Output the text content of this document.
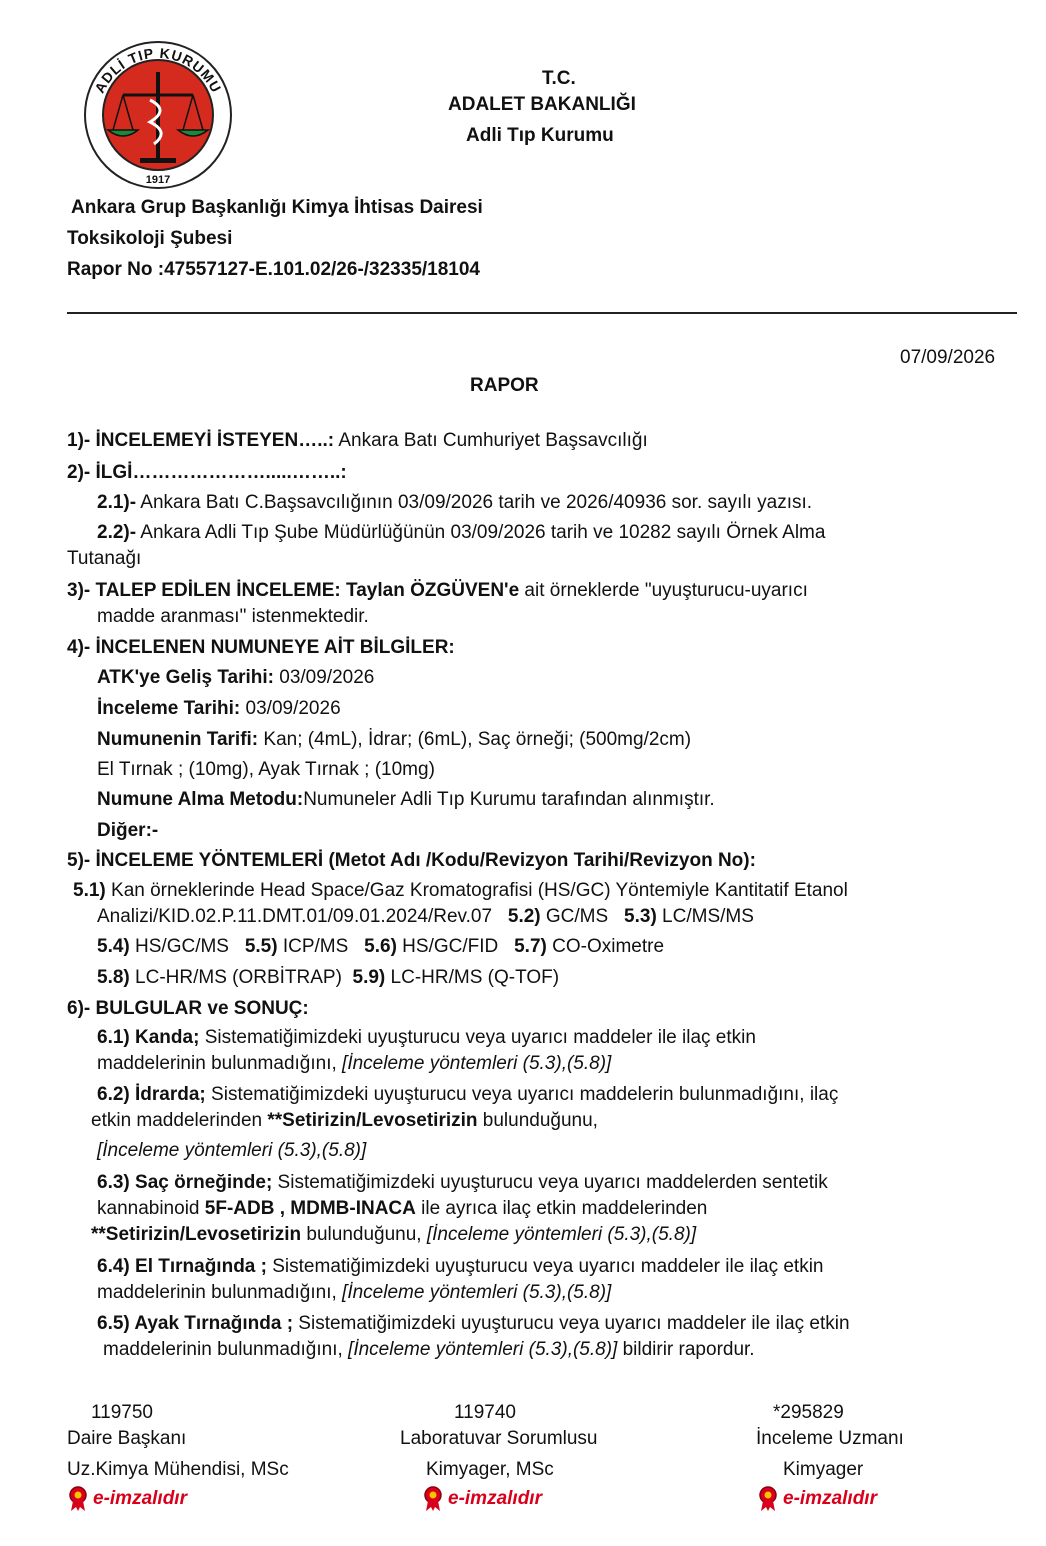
ADLİ TIP KURUMU
1917
T.C.
ADALET BAKANLIĞI
Adli Tıp Kurumu
Ankara Grup Başkanlığı Kimya İhtisas Dairesi
Toksikoloji Şubesi
Rapor No :47557127-E.101.02/26-/32335/18104
07/09/2026
RAPOR
1)- İNCELEMEYİ İSTEYEN…..: Ankara Batı Cumhuriyet Başsavcılığı
2)- İLGİ………………….....……..:
2.1)- Ankara Batı C.Başsavcılığının 03/09/2026 tarih ve 2026/40936 sor. sayılı yazısı.
2.2)- Ankara Adli Tıp Şube Müdürlüğünün 03/09/2026 tarih ve 10282 sayılı Örnek Alma
Tutanağı
3)- TALEP EDİLEN İNCELEME: Taylan ÖZGÜVEN'e ait örneklerde "uyuşturucu-uyarıcı
madde aranması" istenmektedir.
4)- İNCELENEN NUMUNEYE AİT BİLGİLER:
ATK'ye Geliş Tarihi: 03/09/2026
İnceleme Tarihi: 03/09/2026
Numunenin Tarifi: Kan; (4mL), İdrar; (6mL), Saç örneği; (500mg/2cm)
El Tırnak ; (10mg), Ayak Tırnak ; (10mg)
Numune Alma Metodu:Numuneler Adli Tıp Kurumu tarafından alınmıştır.
Diğer:-
5)- İNCELEME YÖNTEMLERİ (Metot Adı /Kodu/Revizyon Tarihi/Revizyon No):
5.1) Kan örneklerinde Head Space/Gaz Kromatografisi (HS/GC) Yöntemiyle Kantitatif Etanol
Analizi/KID.02.P.11.DMT.01/09.01.2024/Rev.07 5.2) GC/MS 5.3) LC/MS/MS
5.4) HS/GC/MS 5.5) ICP/MS 5.6) HS/GC/FID 5.7) CO-Oximetre
5.8) LC-HR/MS (ORBİTRAP) 5.9) LC-HR/MS (Q-TOF)
6)- BULGULAR ve SONUÇ:
6.1) Kanda; Sistematiğimizdeki uyuşturucu veya uyarıcı maddeler ile ilaç etkin
maddelerinin bulunmadığını, [İnceleme yöntemleri (5.3),(5.8)]
6.2) İdrarda; Sistematiğimizdeki uyuşturucu veya uyarıcı maddelerin bulunmadığını, ilaç
etkin maddelerinden **Setirizin/Levosetirizin bulunduğunu,
[İnceleme yöntemleri (5.3),(5.8)]
6.3) Saç örneğinde; Sistematiğimizdeki uyuşturucu veya uyarıcı maddelerden sentetik
kannabinoid 5F-ADB , MDMB-INACA ile ayrıca ilaç etkin maddelerinden
**Setirizin/Levosetirizin bulunduğunu, [İnceleme yöntemleri (5.3),(5.8)]
6.4) El Tırnağında ; Sistematiğimizdeki uyuşturucu veya uyarıcı maddeler ile ilaç etkin
maddelerinin bulunmadığını, [İnceleme yöntemleri (5.3),(5.8)]
6.5) Ayak Tırnağında ; Sistematiğimizdeki uyuşturucu veya uyarıcı maddeler ile ilaç etkin
maddelerinin bulunmadığını, [İnceleme yöntemleri (5.3),(5.8)] bildirir rapordur.
119750
Daire Başkanı
Uz.Kimya Mühendisi, MSc
e-imzalıdır
119740
Laboratuvar Sorumlusu
Kimyager, MSc
e-imzalıdır
*295829
İnceleme Uzmanı
Kimyager
e-imzalıdır
